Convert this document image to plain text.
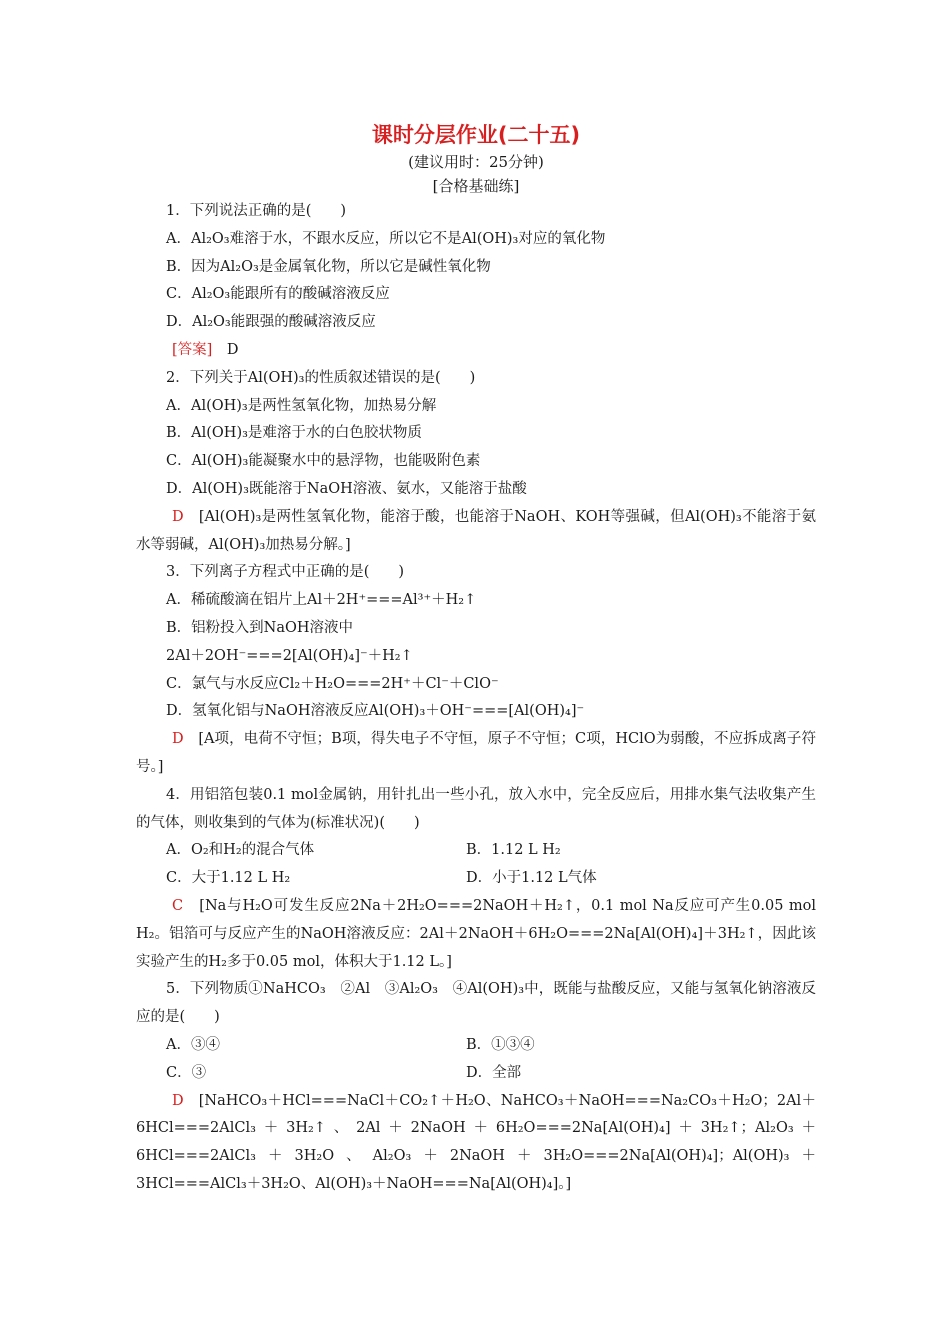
课时分层作业(二十五)
(建议用时：25分钟)
[合格基础练]
1．下列说法正确的是(　　)
A．Al₂O₃难溶于水，不跟水反应，所以它不是Al(OH)₃对应的氧化物
B．因为Al₂O₃是金属氧化物，所以它是碱性氧化物
C．Al₂O₃能跟所有的酸碱溶液反应
D．Al₂O₃能跟强的酸碱溶液反应
[答案]　 D
2．下列关于Al(OH)₃的性质叙述错误的是(　　)
A．Al(OH)₃是两性氢氧化物，加热易分解
B．Al(OH)₃是难溶于水的白色胶状物质
C．Al(OH)₃能凝聚水中的悬浮物，也能吸附色素
D．Al(OH)₃既能溶于NaOH溶液、氨水，又能溶于盐酸
D　 [Al(OH)₃是两性氢氧化物，能溶于酸，也能溶于NaOH、KOH等强碱，但Al(OH)₃不能溶于氨水等弱碱，Al(OH)₃加热易分解。]
3．下列离子方程式中正确的是(　　)
A．稀硫酸滴在铝片上Al＋2H⁺===Al³⁺＋H₂↑
B．铝粉投入到NaOH溶液中
2Al＋2OH⁻===2[Al(OH)₄]⁻＋H₂↑
C．氯气与水反应Cl₂＋H₂O===2H⁺＋Cl⁻＋ClO⁻
D．氢氧化铝与NaOH溶液反应Al(OH)₃＋OH⁻===[Al(OH)₄]⁻
D　 [A项，电荷不守恒；B项，得失电子不守恒，原子不守恒；C项，HClO为弱酸，不应拆成离子符号。]
4．用铝箔包装0.1 mol金属钠，用针扎出一些小孔，放入水中，完全反应后，用排水集气法收集产生的气体，则收集到的气体为(标准状况)(　　)
A．O₂和H₂的混合气体	B．1.12 L H₂
C．大于1.12 L H₂	D．小于1.12 L气体
C　 [Na与H₂O可发生反应2Na＋2H₂O===2NaOH＋H₂↑，0.1 mol Na反应可产生0.05 mol H₂。铝箔可与反应产生的NaOH溶液反应：2Al＋2NaOH＋6H₂O===2Na[Al(OH)₄]＋3H₂↑，因此该实验产生的H₂多于0.05 mol，体积大于1.12 L。]
5．下列物质①NaHCO₃　②Al　③Al₂O₃　④Al(OH)₃中，既能与盐酸反应，又能与氢氧化钠溶液反应的是(　　)
A．③④	B．①③④
C．③	D．全部
D　 [NaHCO₃＋HCl===NaCl＋CO₂↑＋H₂O、NaHCO₃＋NaOH===Na₂CO₃＋H₂O；2Al＋6HCl===2AlCl₃＋3H₂↑、2Al＋2NaOH＋6H₂O===2Na[Al(OH)₄]＋3H₂↑；Al₂O₃＋6HCl===2AlCl₃＋3H₂O、Al₂O₃＋2NaOH＋3H₂O===2Na[Al(OH)₄]；Al(OH)₃＋3HCl===AlCl₃＋3H₂O、Al(OH)₃＋NaOH===Na[Al(OH)₄]。]
